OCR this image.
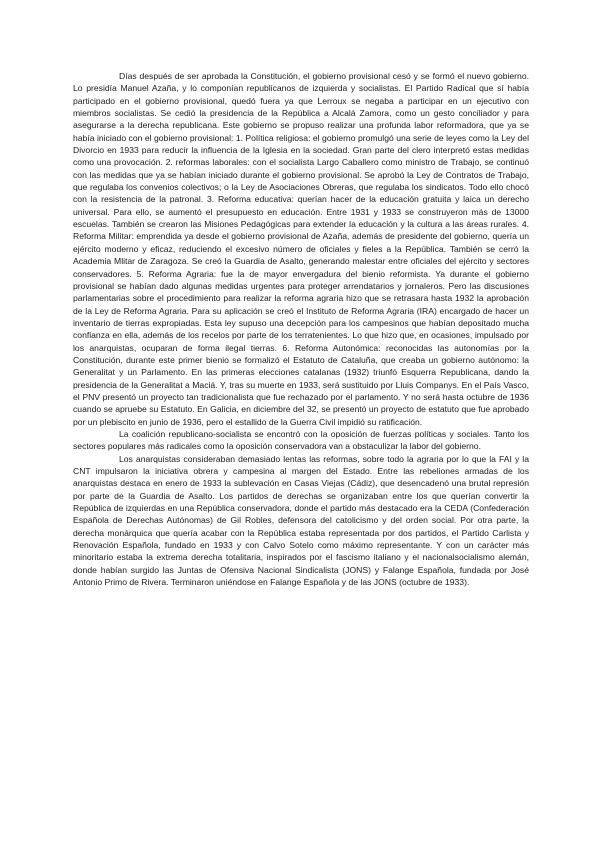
Días después de ser aprobada la Constitución, el gobierno provisional cesó y se formó el nuevo gobierno. Lo presidía Manuel Azaña, y lo componían republicanos de izquierda y socialistas. El Partido Radical que sí había participado en el gobierno provisional, quedó fuera ya que Lerroux se negaba a participar en un ejecutivo con miembros socialistas. Se cedió la presidencia de la República a Alcalá Zamora, como un gesto conciliador y para asegurarse a la derecha republicana. Este gobierno se propuso realizar una profunda labor reformadora, que ya se había iniciado con el gobierno provisional: 1. Política religiosa: el gobierno promulgó una serie de leyes como la Ley del Divorcio en 1933 para reducir la influencia de la Iglesia en la sociedad. Gran parte del clero interpretó estas medidas como una provocación. 2. reformas laborales: con el socialista Largo Caballero como ministro de Trabajo, se continuó con las medidas que ya se habían iniciado durante el gobierno provisional. Se aprobó la Ley de Contratos de Trabajo, que regulaba los convenios colectivos; o la Ley de Asociaciones Obreras, que regulaba los sindicatos. Todo ello chocó con la resistencia de la patronal. 3. Reforma educativa: querían hacer de la educación gratuita y laica un derecho universal. Para ello, se aumentó el presupuesto en educación. Entre 1931 y 1933 se construyeron más de 13000 escuelas. También se crearon las Misiones Pedagógicas para extender la educación y la cultura a las áreas rurales. 4. Reforma Militar: emprendida ya desde el gobierno provisional de Azaña, además de presidente del gobierno, quería un ejército moderno y eficaz, reduciendo el excesivo número de oficiales y fieles a la República. También se cerró la Academia Mlitar de Zaragoza. Se creó la Guardia de Asalto, generando malestar entre oficiales del ejército y sectores conservadores. 5. Reforma Agraria: fue la de mayor envergadura del bienio reformista. Ya durante el gobierno provisional se habían dado algunas medidas urgentes para proteger arrendatarios y jornaleros. Pero las discusiones parlamentarias sobre el procedimiento para realizar la reforma agraria hizo que se retrasara hasta 1932 la aprobación de la Ley de Reforma Agraria. Para su aplicación se creó el Instituto de Reforma Agraria (IRA) encargado de hacer un inventario de tierras expropiadas. Esta ley supuso una decepción para los campesinos que habían depositado mucha confianza en ella, además de los recelos por parte de los terratenientes. Lo que hizo que, en ocasiones, impulsado por los anarquistas, ocuparan de forma ilegal tierras. 6. Reforma Autonómica: reconocidas las autonomías por la Constitución, durante este primer bienio se formalizó el Estatuto de Cataluña, que creaba un gobierno autónomo: la Generalitat y un Parlamento. En las primeras elecciones catalanas (1932) triunfó Esquerra Republicana, dando la presidencia de la Generalitat a Maciá. Y, tras su muerte en 1933, será sustituido por Lluis Companys. En el País Vasco, el PNV presentó un proyecto tan tradicionalista que fue rechazado por el parlamento. Y no será hasta octubre de 1936 cuando se apruebe su Estatuto. En Galicia, en diciembre del 32, se presentó un proyecto de estatuto que fue aprobado por un plebiscito en junio de 1936, pero el estallido de la Guerra Civil impidió su ratificación.

La coalición republicano-socialista se encontró con la oposición de fuerzas políticas y sociales. Tanto los sectores populares más radicales como la oposición conservadora van a obstaculizar la labor del gobierno.

Los anarquistas consideraban demasiado lentas las reformas, sobre todo la agraria por lo que la FAI y la CNT impulsaron la iniciativa obrera y campesina al margen del Estado. Entre las rebeliones armadas de los anarquistas destaca en enero de 1933 la sublevación en Casas Viejas (Cádiz), que desencadenó una brutal represión por parte de la Guardia de Asalto. Los partidos de derechas se organizaban entre los que querían convertir la República de izquierdas en una República conservadora, donde el partido más destacado era la CEDA (Confederación Española de Derechas Autónomas) de Gil Robles, defensora del catolicismo y del orden social. Por otra parte, la derecha monárquica que quería acabar con la República estaba representada por dos partidos, el Partido Carlista y Renovación Española, fundado en 1933 y con Calvo Sotelo como máximo representante. Y con un carácter más minoritario estaba la extrema derecha totalitaria, inspirados por el fascismo italiano y el nacionalsocialismo alemán, donde habían surgido las Juntas de Ofensiva Nacional Sindicalista (JONS) y Falange Española, fundada por José Antonio Primo de Rivera. Terminaron uniéndose en Falange Española y de las JONS (octubre de 1933).
